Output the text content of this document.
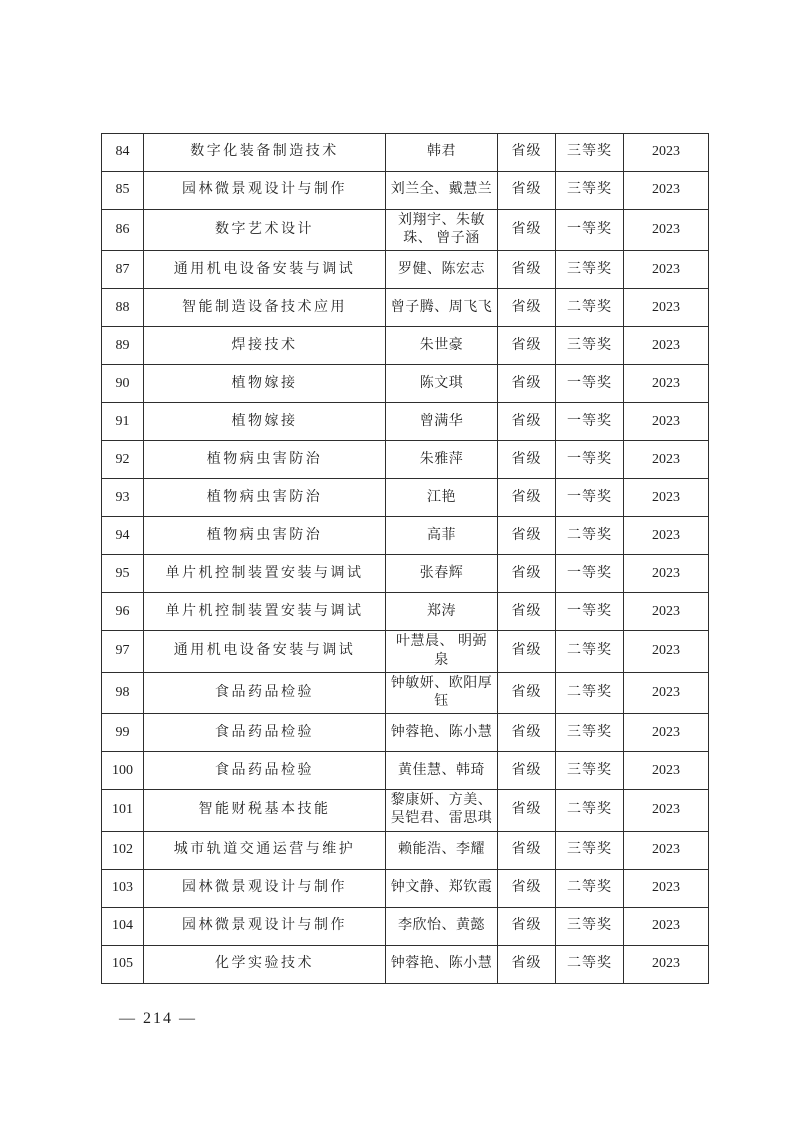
84	数字化装备制造技术	韩君	省级	三等奖	2023
85	园林微景观设计与制作	刘兰全、戴慧兰	省级	三等奖	2023
86	数字艺术设计	刘翔宇、朱敏珠、 曾子涵	省级	一等奖	2023
87	通用机电设备安装与调试	罗健、陈宏志	省级	三等奖	2023
88	智能制造设备技术应用	曾子腾、周飞飞	省级	二等奖	2023
89	焊接技术	朱世豪	省级	三等奖	2023
90	植物嫁接	陈文琪	省级	一等奖	2023
91	植物嫁接	曾满华	省级	一等奖	2023
92	植物病虫害防治	朱雅萍	省级	一等奖	2023
93	植物病虫害防治	江艳	省级	一等奖	2023
94	植物病虫害防治	高菲	省级	二等奖	2023
95	单片机控制装置安装与调试	张春辉	省级	一等奖	2023
96	单片机控制装置安装与调试	郑涛	省级	一等奖	2023
97	通用机电设备安装与调试	叶慧晨、 明弼泉	省级	二等奖	2023
98	食品药品检验	钟敏妍、欧阳厚钰	省级	二等奖	2023
99	食品药品检验	钟蓉艳、陈小慧	省级	三等奖	2023
100	食品药品检验	黄佳慧、韩琦	省级	三等奖	2023
101	智能财税基本技能	黎康妍、方美、吴铠君、雷思琪	省级	二等奖	2023
102	城市轨道交通运营与维护	赖能浩、李耀	省级	三等奖	2023
103	园林微景观设计与制作	钟文静、郑钦霞	省级	二等奖	2023
104	园林微景观设计与制作	李欣怡、黄懿	省级	三等奖	2023
105	化学实验技术	钟蓉艳、陈小慧	省级	二等奖	2023
— 214 —
